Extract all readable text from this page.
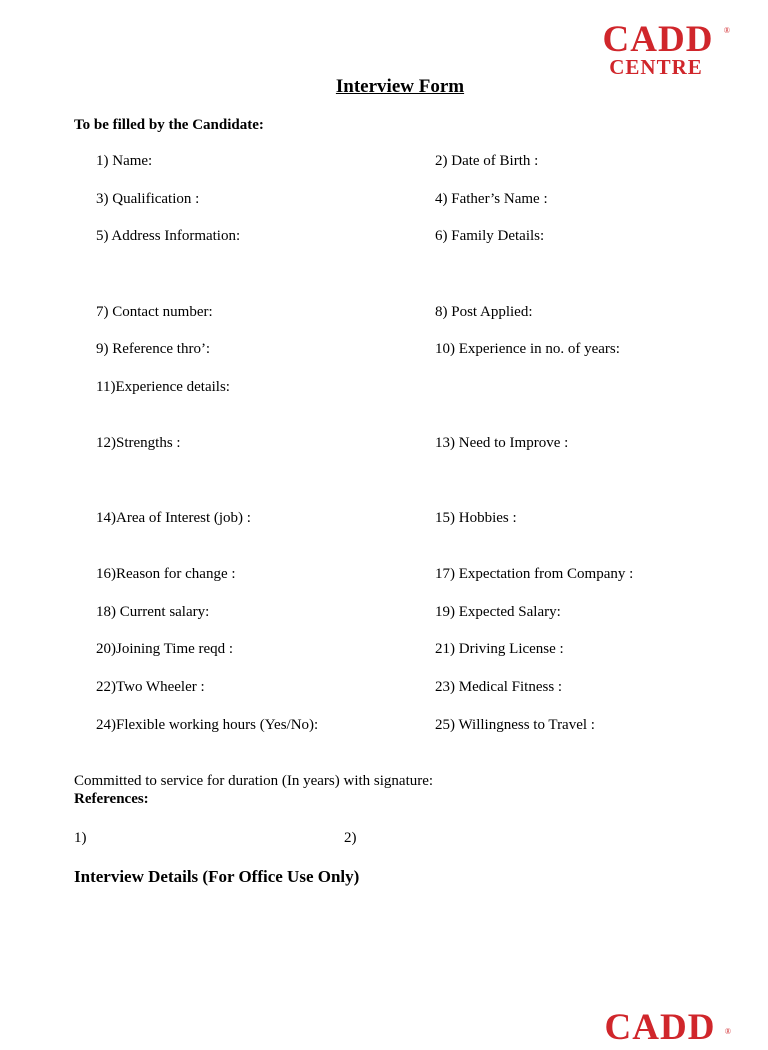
CADD
CENTRE
®
Interview Form
To be filled by the Candidate:
1) Name:	2) Date of Birth :
3) Qualification :	4) Father’s Name :
5) Address Information:	6) Family Details:
7) Contact number:	8) Post Applied:
9) Reference thro’:	10) Experience in no. of years:
11)Experience details:
12)Strengths :	13) Need to Improve :
14)Area of Interest (job) :	15) Hobbies :
16)Reason for change :	17) Expectation from Company :
18) Current salary:	19) Expected Salary:
20)Joining Time reqd :	21) Driving License :
22)Two Wheeler :	23) Medical Fitness :
24)Flexible working hours (Yes/No):	25) Willingness to Travel :
Committed to service for duration (In years) with signature:
References:
1)	2)
Interview Details (For Office Use Only)
CADD ®
